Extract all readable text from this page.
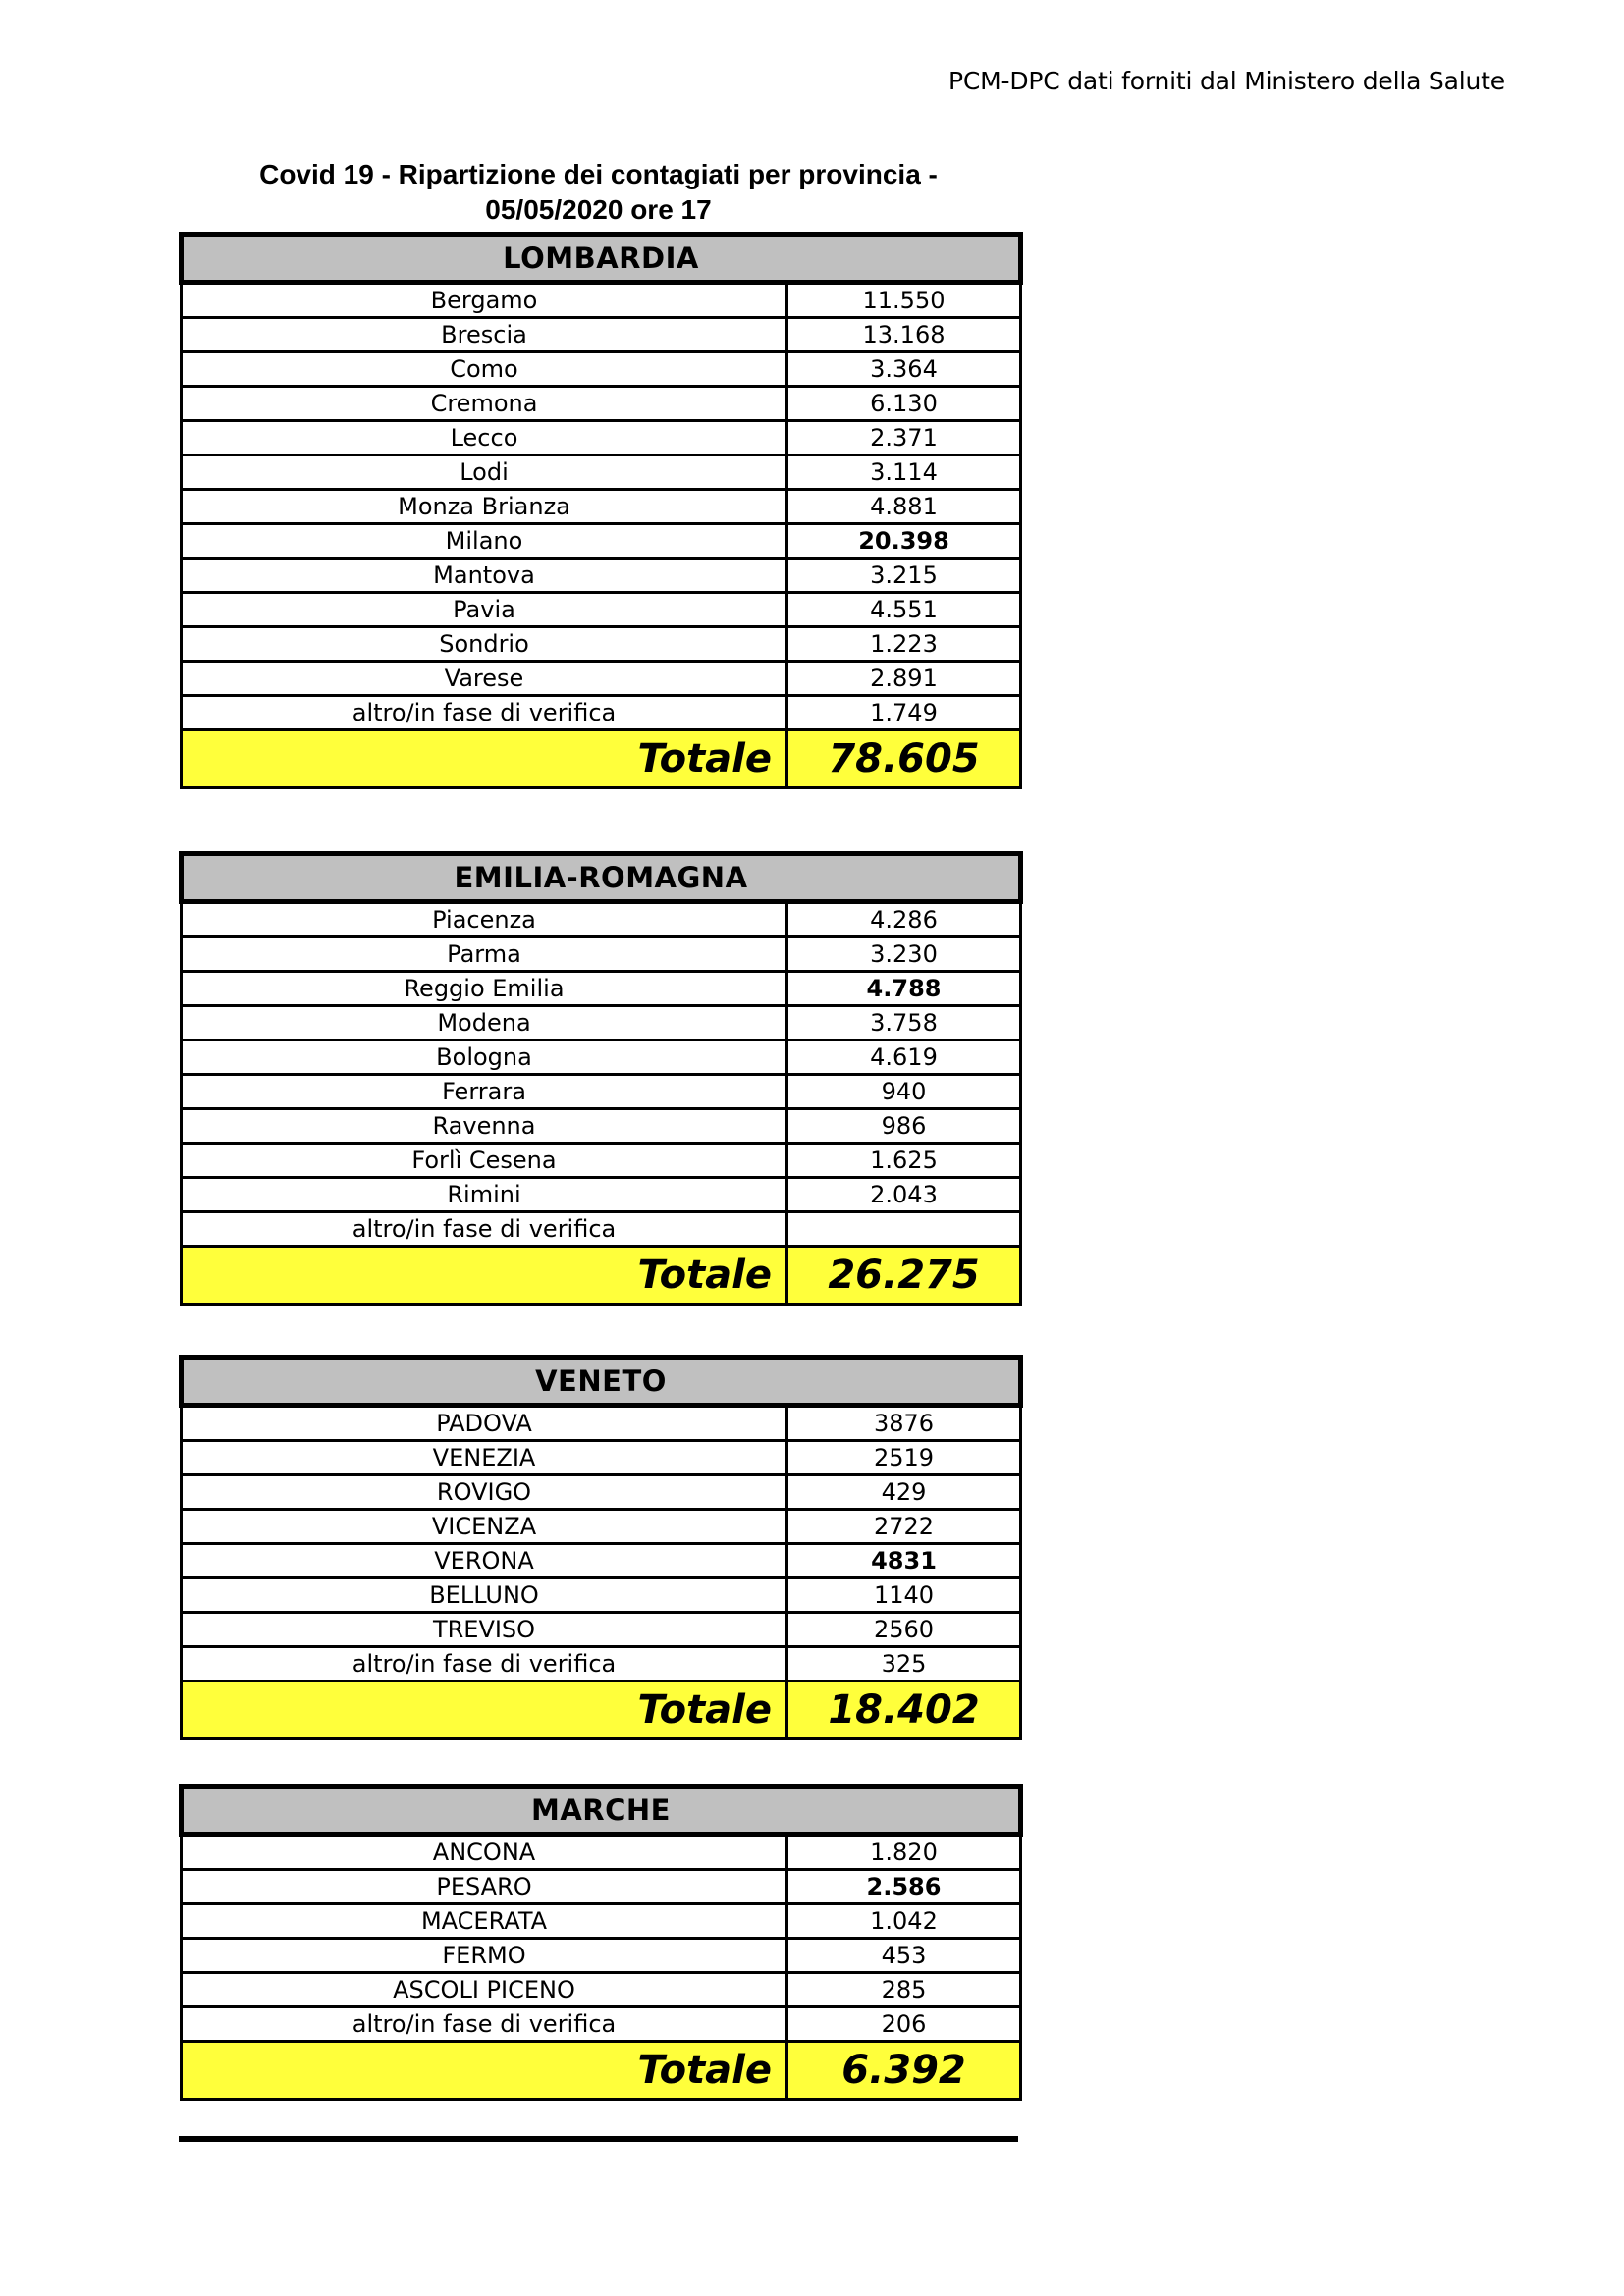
PCM-DPC dati forniti dal Ministero della Salute
Covid 19 - Ripartizione dei contagiati per provincia -
05/05/2020 ore 17
LOMBARDIA	
Bergamo	11.550
Brescia	13.168
Como	3.364
Cremona	6.130
Lecco	2.371
Lodi	3.114
Monza Brianza	4.881
Milano	20.398
Mantova	3.215
Pavia	4.551
Sondrio	1.223
Varese	2.891
altro/in fase di verifica	1.749
Totale	78.605
EMILIA-ROMAGNA	
Piacenza	4.286
Parma	3.230
Reggio Emilia	4.788
Modena	3.758
Bologna	4.619
Ferrara	940
Ravenna	986
Forlì Cesena	1.625
Rimini	2.043
altro/in fase di verifica	
Totale	26.275
VENETO	
PADOVA	3876
VENEZIA	2519
ROVIGO	429
VICENZA	2722
VERONA	4831
BELLUNO	1140
TREVISO	2560
altro/in fase di verifica	325
Totale	18.402
MARCHE	
ANCONA	1.820
PESARO	2.586
MACERATA	1.042
FERMO	453
ASCOLI PICENO	285
altro/in fase di verifica	206
Totale	6.392
